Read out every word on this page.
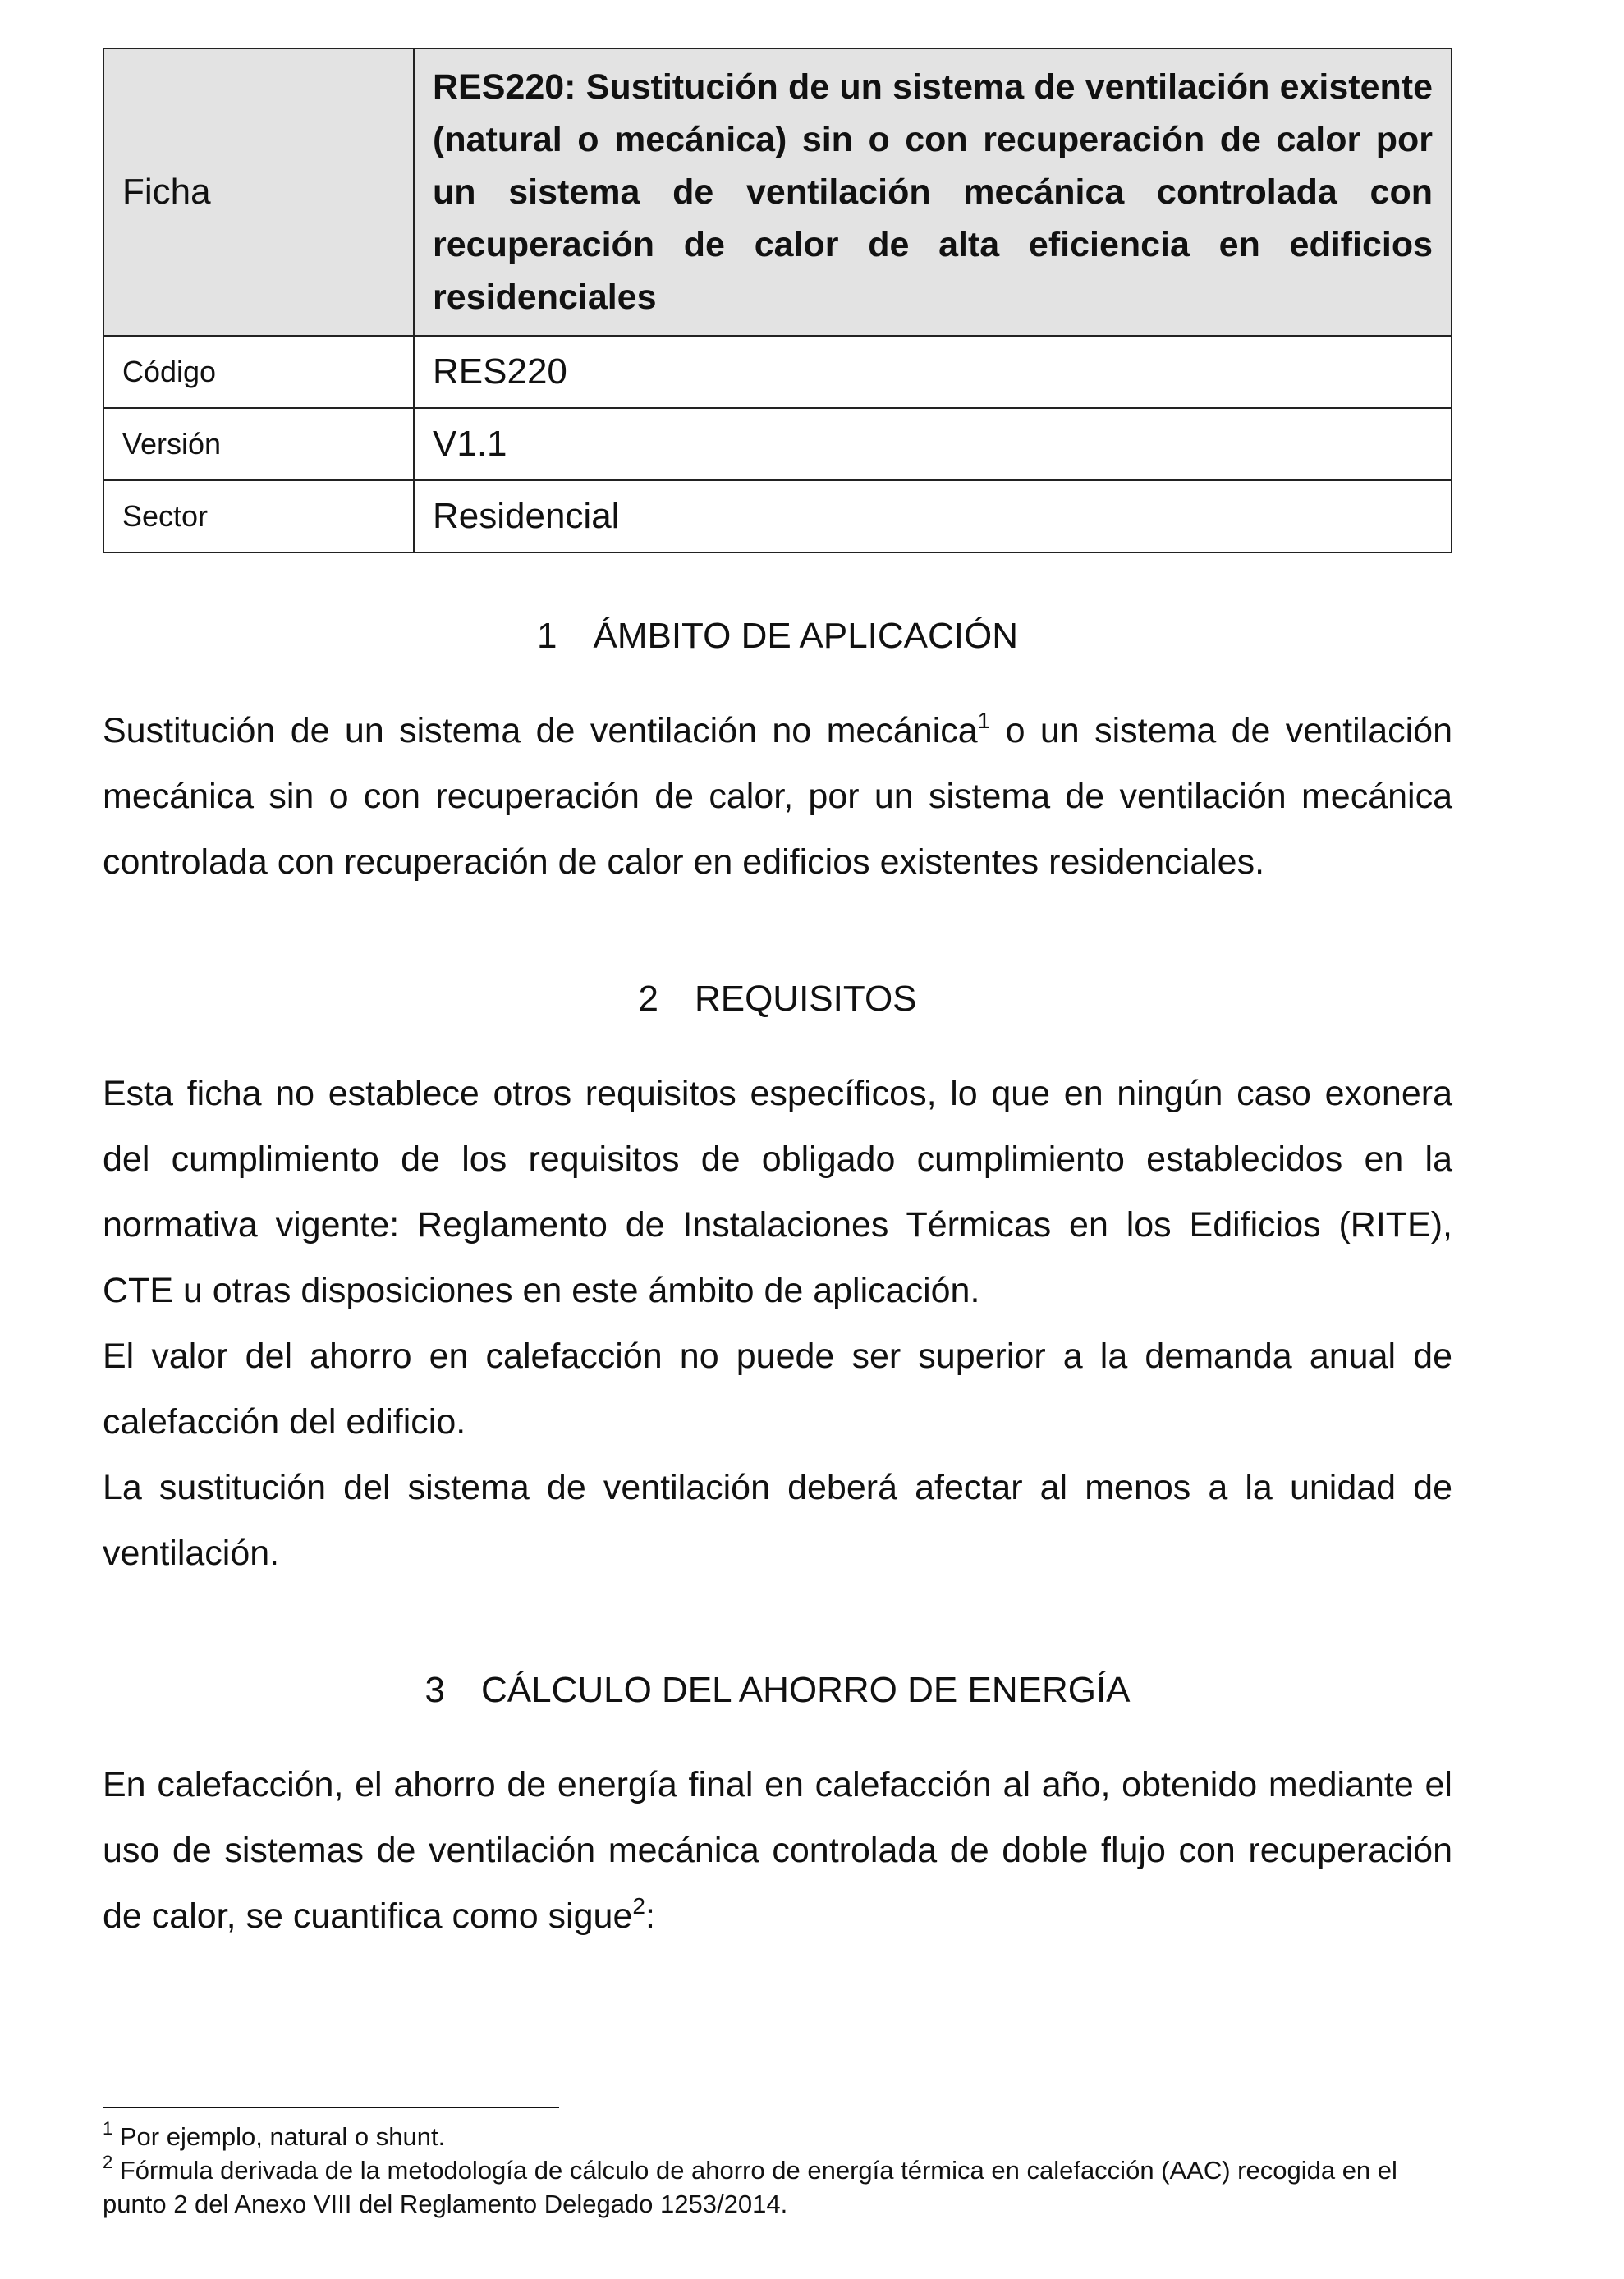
Ficha	RES220: Sustitución de un sistema de ventilación existente (natural o mecánica) sin o con recuperación de calor por un sistema de ventilación mecánica controlada con recuperación de calor de alta eficiencia en edificios residenciales
Código	RES220
Versión	V1.1
Sector	Residencial
1 ÁMBITO DE APLICACIÓN

Sustitución de un sistema de ventilación no mecánica$^1$ o un sistema de ventilación mecánica sin o con recuperación de calor, por un sistema de ventilación mecánica controlada con recuperación de calor en edificios existentes residenciales.

2 REQUISITOS

Esta ficha no establece otros requisitos específicos, lo que en ningún caso exonera del cumplimiento de los requisitos de obligado cumplimiento establecidos en la normativa vigente: Reglamento de Instalaciones Térmicas en los Edificios (RITE), CTE u otras disposiciones en este ámbito de aplicación.

El valor del ahorro en calefacción no puede ser superior a la demanda anual de calefacción del edificio.

La sustitución del sistema de ventilación deberá afectar al menos a la unidad de ventilación.

3 CÁLCULO DEL AHORRO DE ENERGÍA

En calefacción, el ahorro de energía final en calefacción al año, obtenido mediante el uso de sistemas de ventilación mecánica controlada de doble flujo con recuperación de calor, se cuantifica como sigue$^2$:

$^1$ Por ejemplo, natural o shunt.
$^2$ Fórmula derivada de la metodología de cálculo de ahorro de energía térmica en calefacción (AAC) recogida en el punto 2 del Anexo VIII del Reglamento Delegado 1253/2014.
